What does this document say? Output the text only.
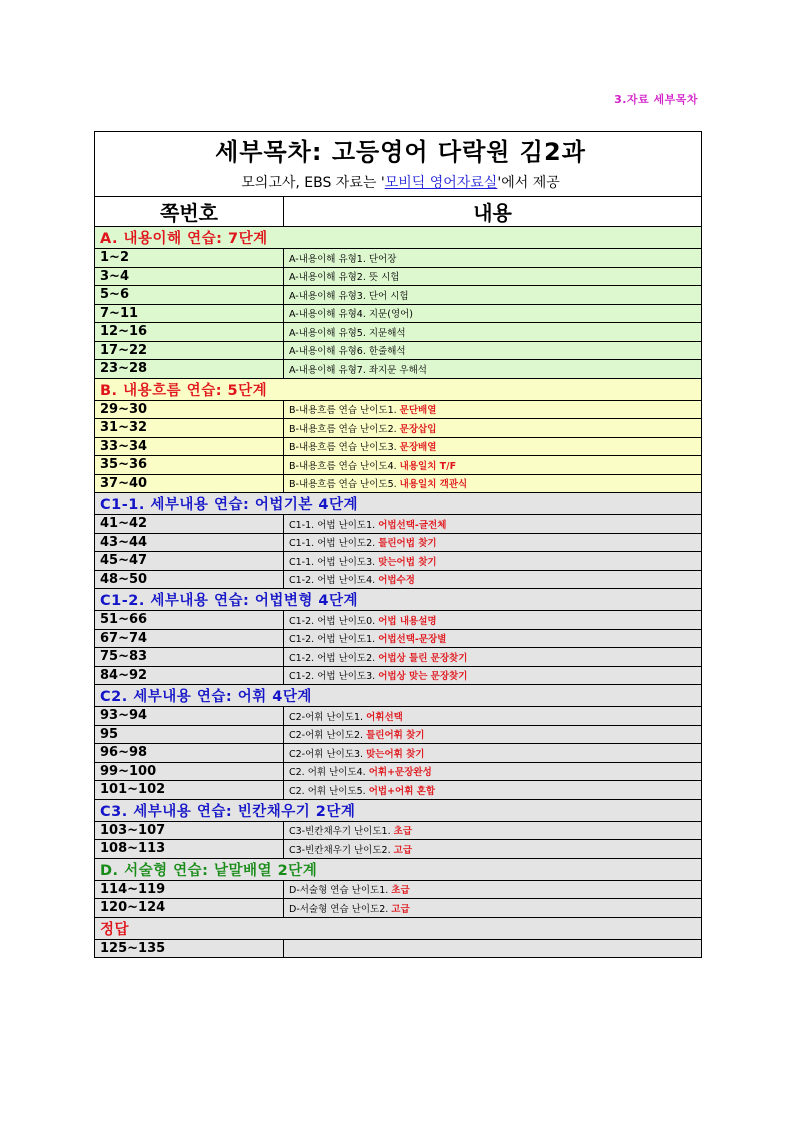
3.자료 세부목차
세부목차: 고등영어 다락원 김2과	
모의고사, EBS 자료는 '모비딕 영어자료실'에서 제공	
쪽번호	내용
A. 내용이해 연습: 7단계	
1~2	A-내용이해 유형1. 단어장
3~4	A-내용이해 유형2. 뜻 시험
5~6	A-내용이해 유형3. 단어 시험
7~11	A-내용이해 유형4. 지문(영어)
12~16	A-내용이해 유형5. 지문해석
17~22	A-내용이해 유형6. 한줄해석
23~28	A-내용이해 유형7. 좌지문 우해석
B. 내용흐름 연습: 5단계	
29~30	B-내용흐름 연습 난이도1. 문단배열
31~32	B-내용흐름 연습 난이도2. 문장삽입
33~34	B-내용흐름 연습 난이도3. 문장배열
35~36	B-내용흐름 연습 난이도4. 내용일치 T/F
37~40	B-내용흐름 연습 난이도5. 내용일치 객관식
C1-1. 세부내용 연습: 어법기본 4단계	
41~42	C1-1. 어법 난이도1. 어법선택-글전체
43~44	C1-1. 어법 난이도2. 틀린어법 찾기
45~47	C1-1. 어법 난이도3. 맞는어법 찾기
48~50	C1-2. 어법 난이도4. 어법수정
C1-2. 세부내용 연습: 어법변형 4단계	
51~66	C1-2. 어법 난이도0. 어법 내용설명
67~74	C1-2. 어법 난이도1. 어법선택-문장별
75~83	C1-2. 어법 난이도2. 어법상 틀린 문장찾기
84~92	C1-2. 어법 난이도3. 어법상 맞는 문장찾기
C2. 세부내용 연습: 어휘 4단계	
93~94	C2-어휘 난이도1. 어휘선택
95	C2-어휘 난이도2. 틀린어휘 찾기
96~98	C2-어휘 난이도3. 맞는어휘 찾기
99~100	C2. 어휘 난이도4. 어휘+문장완성
101~102	C2. 어휘 난이도5. 어법+어휘 혼합
C3. 세부내용 연습: 빈칸채우기 2단계	
103~107	C3-빈칸채우기 난이도1. 초급
108~113	C3-빈칸채우기 난이도2. 고급
D. 서술형 연습: 낱말배열 2단계	
114~119	D-서술형 연습 난이도1. 초급
120~124	D-서술형 연습 난이도2. 고급
정답	
125~135	
